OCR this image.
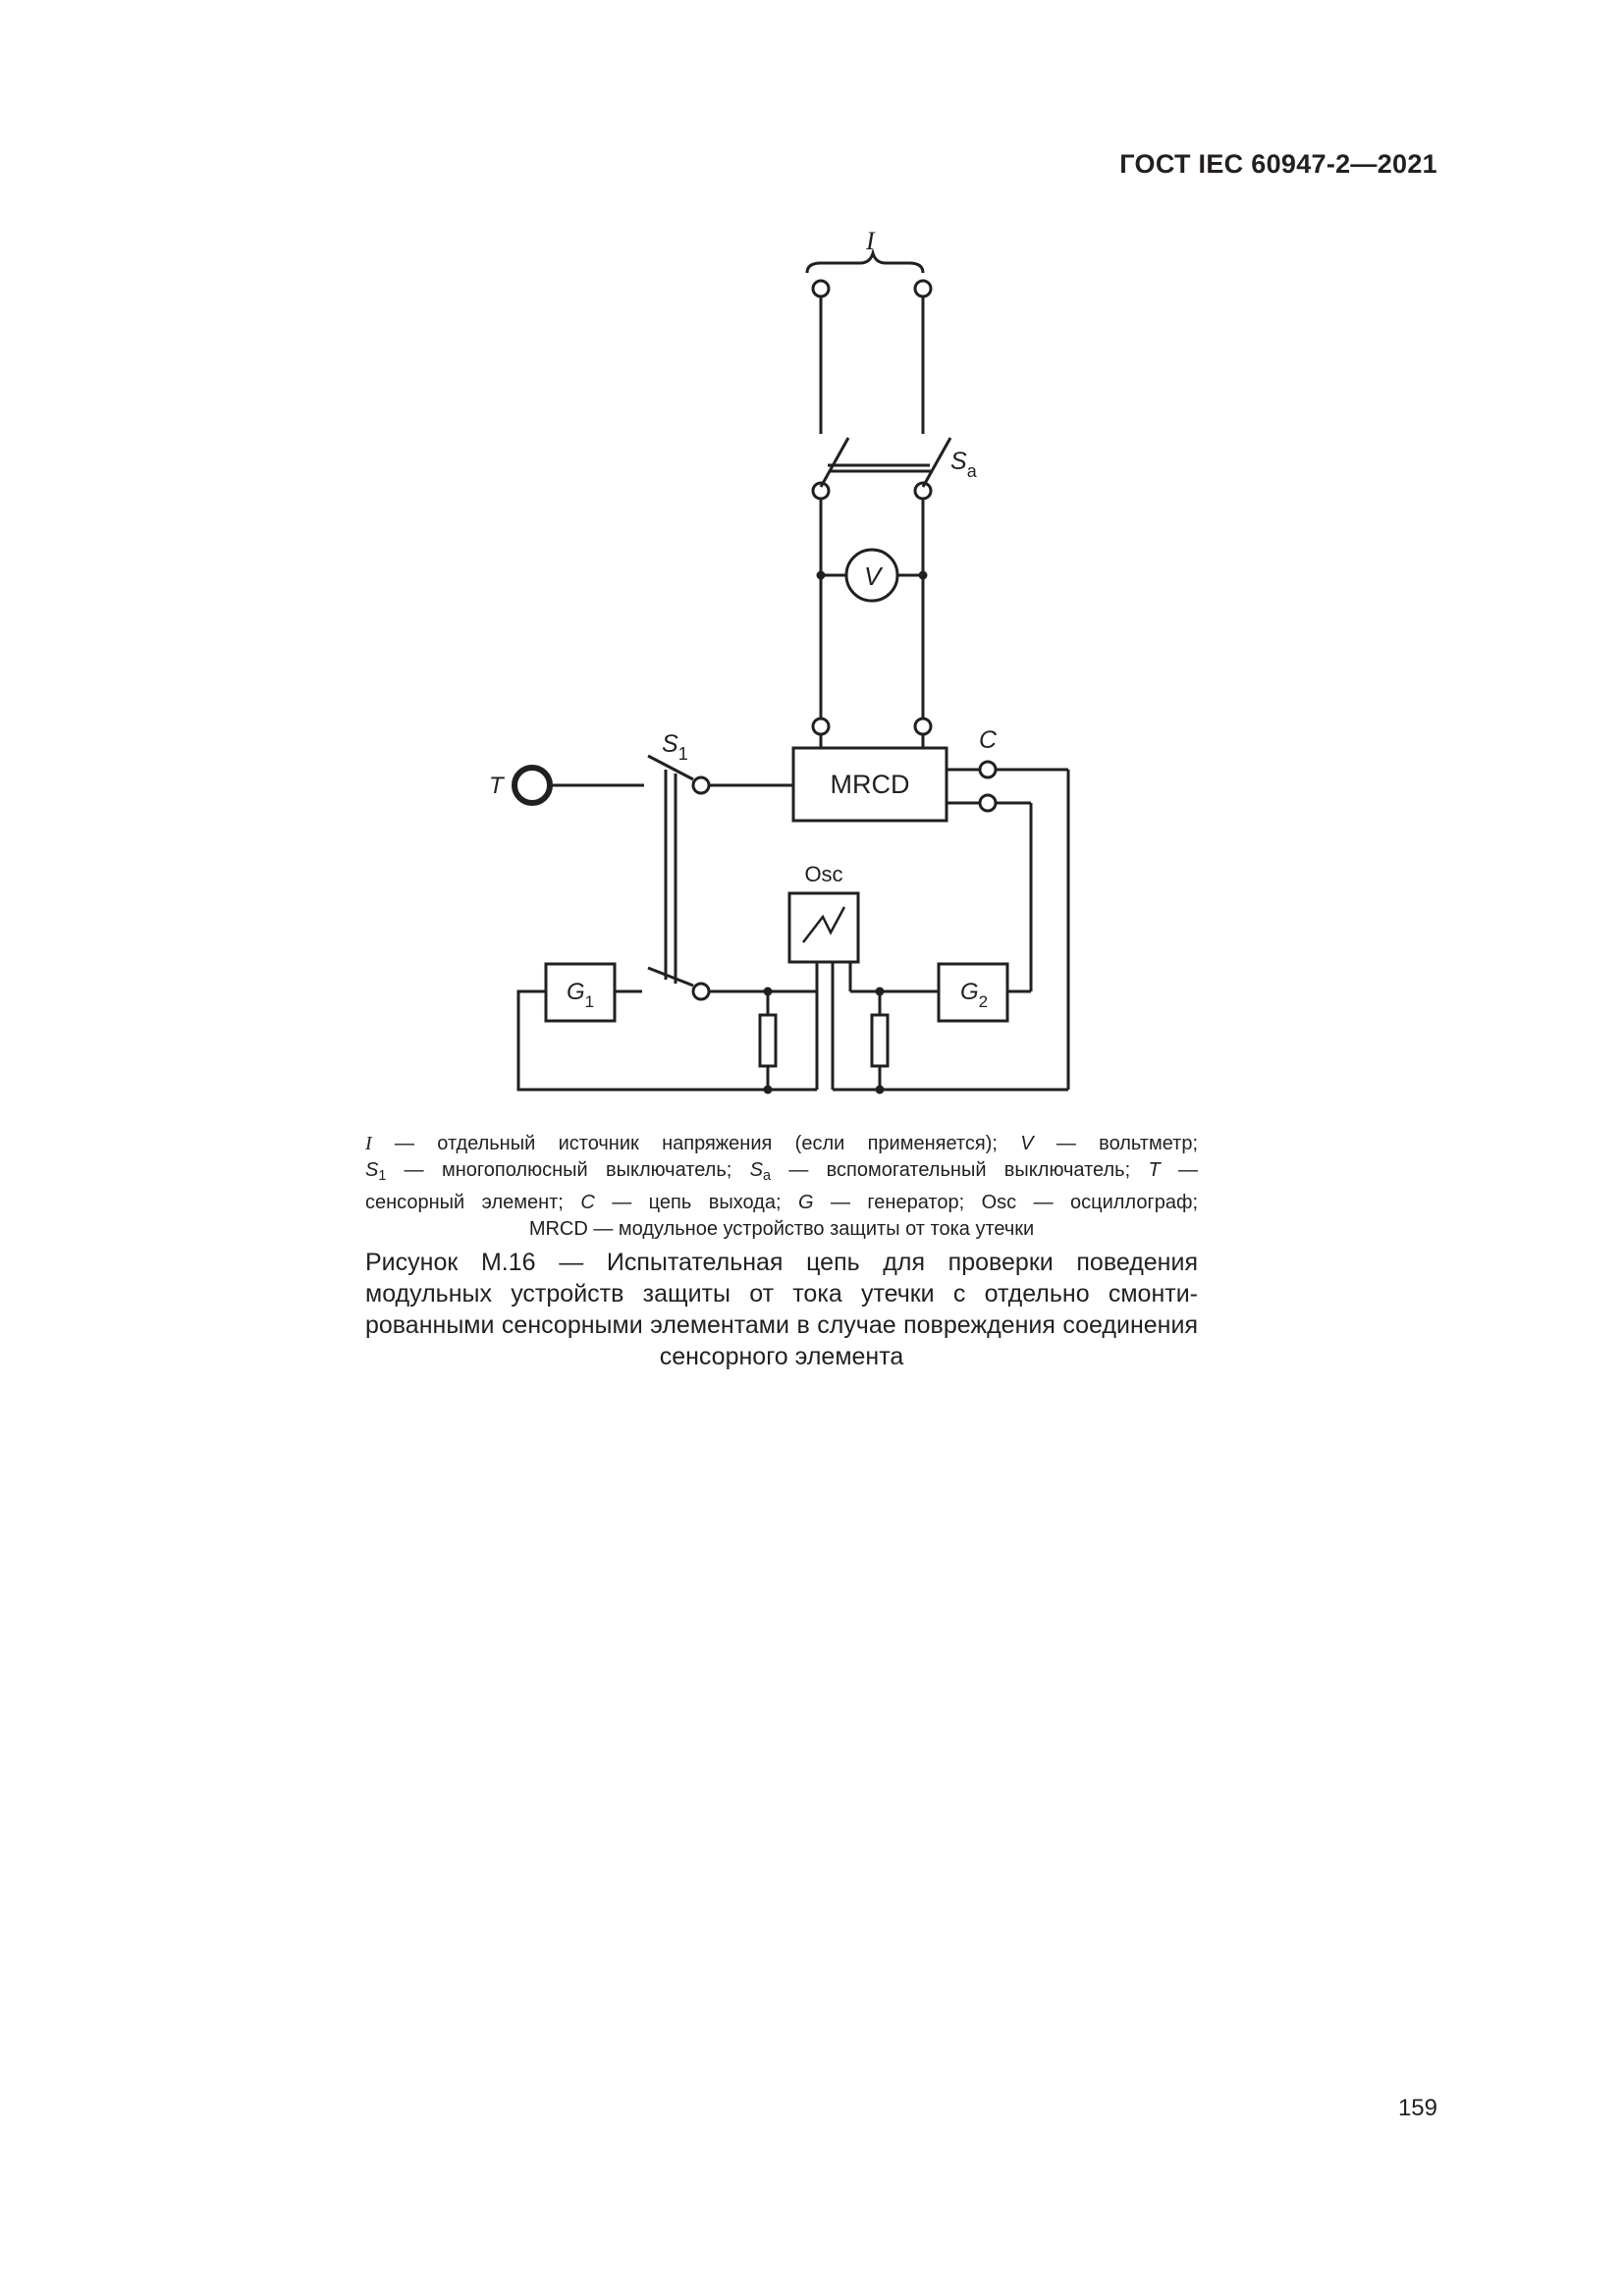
ГОСТ IEC 60947-2—2021
I
$S_a$
V
C
$S_1$
T	MRCD
Osc
$G_1$	$G_2$
I — отдельный источник напряжения (если применяется); V — вольтметр;
$S_1$ — многополюсный выключатель; $S_a$ — вспомогательный выключатель; T —
сенсорный элемент; C — цепь выхода; G — генератор; Osc — осциллограф;
MRCD — модульное устройство защиты от тока утечки
Рисунок М.16 — Испытательная цепь для проверки поведения
модульных устройств защиты от тока утечки с отдельно смонти-
рованными сенсорными элементами в случае повреждения соединения
сенсорного элемента
159
